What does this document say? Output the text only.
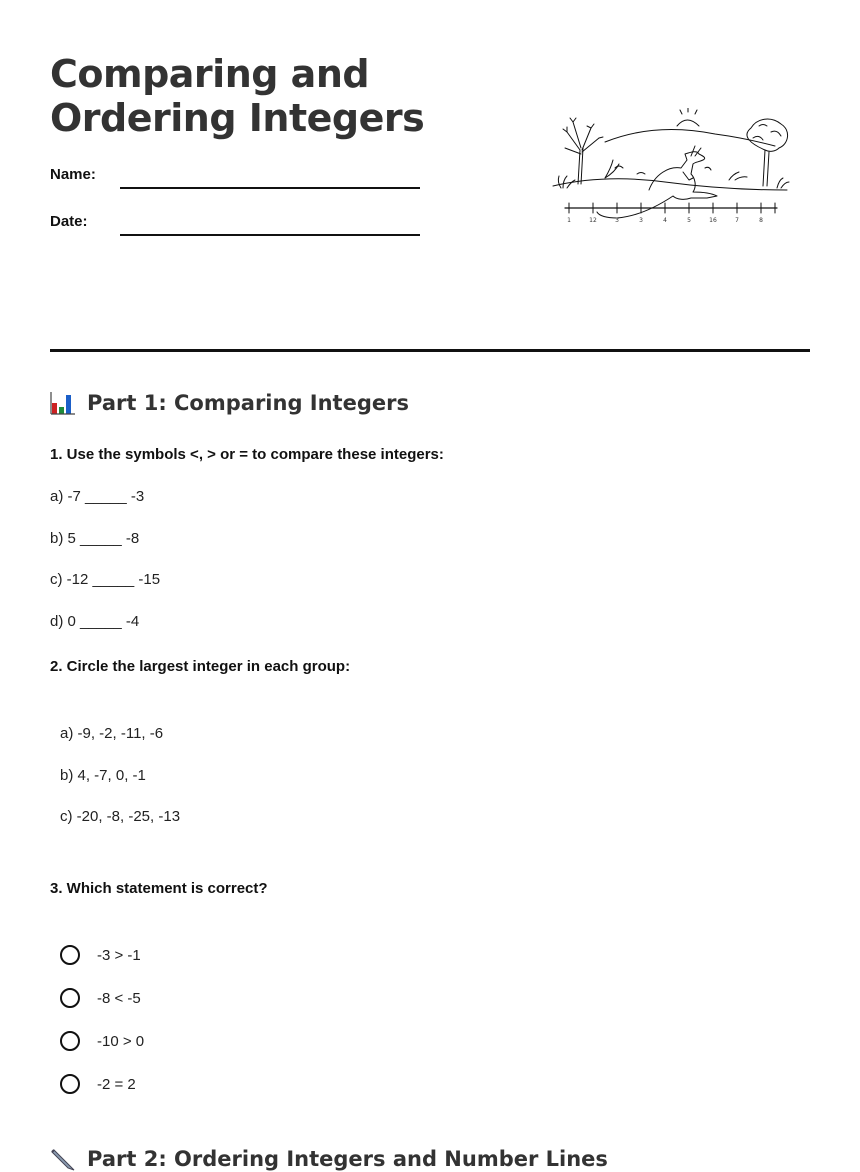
Comparing and
Ordering Integers
Name:
Date:	1	12	3	3	4	5	16	7	8
Part 1: Comparing Integers
1. Use the symbols <, > or = to compare these integers:
a) -7 _____ -3
b) 5 _____ -8
c) -12 _____ -15
d) 0 _____ -4
2. Circle the largest integer in each group:
a) -9, -2, -11, -6
b) 4, -7, 0, -1
c) -20, -8, -25, -13
3. Which statement is correct?
-3 > -1
-8 < -5
-10 > 0
-2 = 2
Part 2: Ordering Integers and Number Lines
